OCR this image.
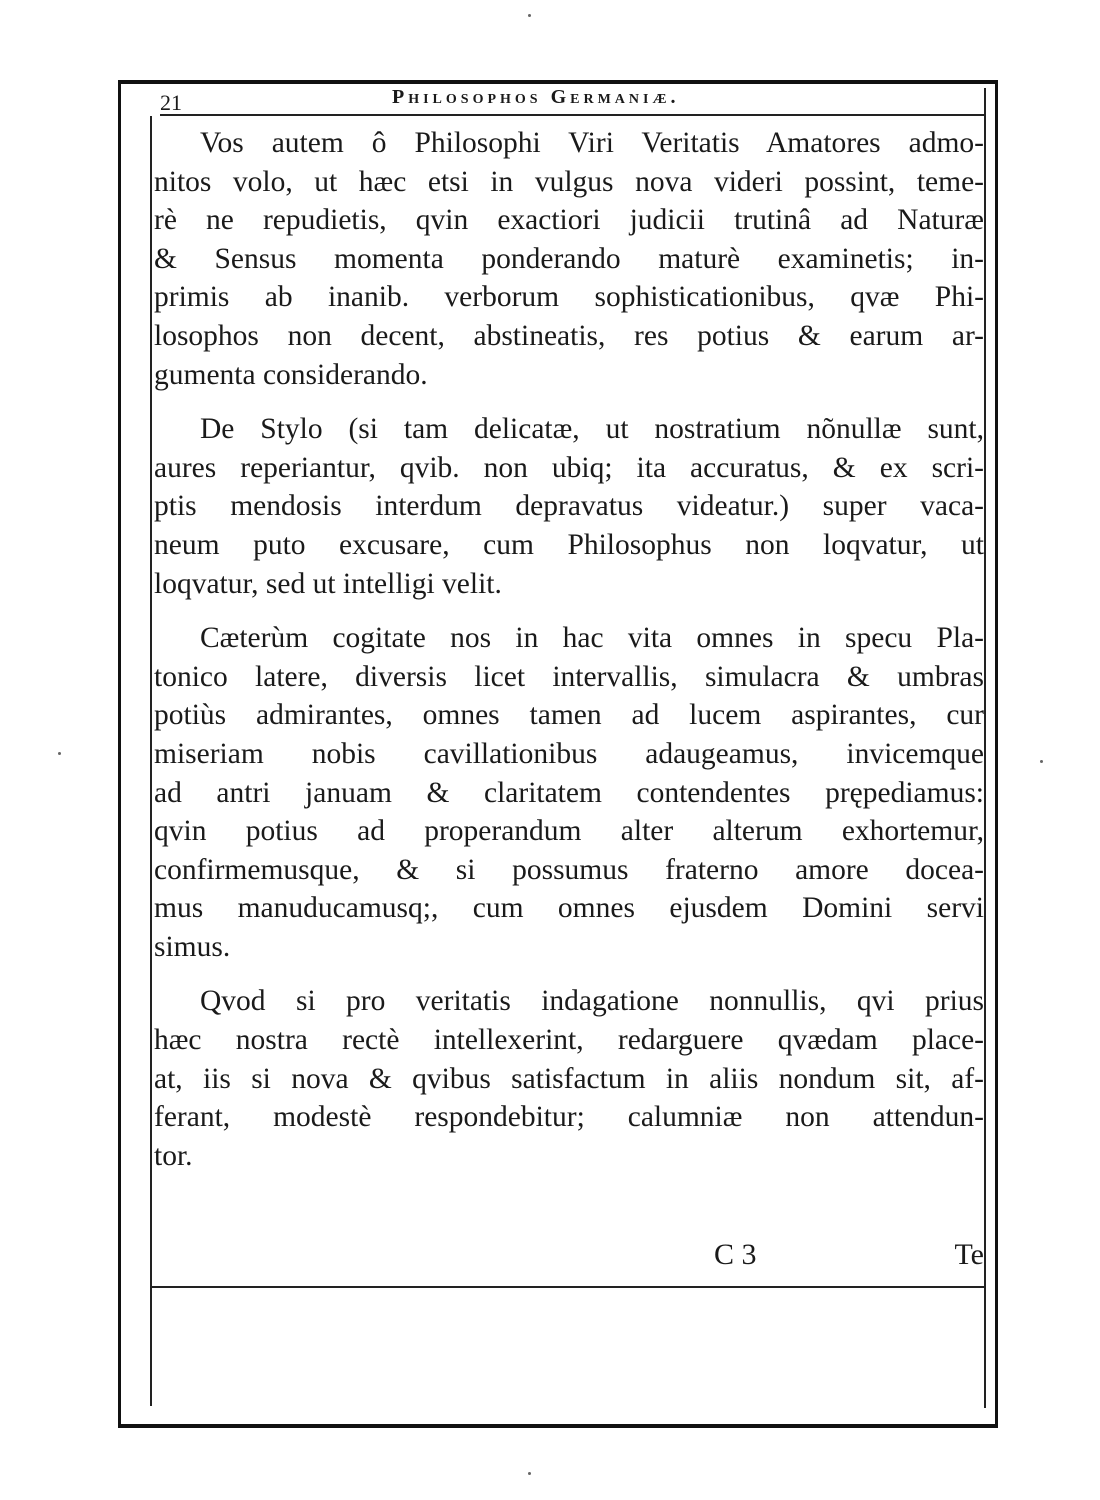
21	Philosophos Germaniæ.
Vos autem ô Philosophi Viri Veritatis Amatores admo-
nitos volo, ut hæc etsi in vulgus nova videri possint, teme-
rè ne repudietis, qvin exactiori judicii trutinâ ad Naturæ
& Sensus momenta ponderando maturè examinetis; in-
primis ab inanib. verborum sophisticationibus, qvæ Phi-
losophos non decent, abstineatis, res potius & earum ar-
gumenta considerando.
De Stylo (si tam delicatæ, ut nostratium nõnullæ sunt,
aures reperiantur, qvib. non ubiq; ita accuratus, & ex scri-
ptis mendosis interdum depravatus videatur.) super vaca-
neum puto excusare, cum Philosophus non loqvatur, ut
loqvatur, sed ut intelligi velit.
Cæterùm cogitate nos in hac vita omnes in specu Pla-
tonico latere, diversis licet intervallis, simulacra & umbras
potiùs admirantes, omnes tamen ad lucem aspirantes, cur
miseriam nobis cavillationibus adaugeamus, invicemque
ad antri januam & claritatem contendentes prępediamus:
qvin potius ad properandum alter alterum exhortemur,
confirmemusque, & si possumus fraterno amore docea-
mus manuducamusq;, cum omnes ejusdem Domini servi
simus.
Qvod si pro veritatis indagatione nonnullis, qvi prius
hæc nostra rectè intellexerint, redarguere qvædam place-
at, iis si nova & qvibus satisfactum in aliis nondum sit, af-
ferant, modestè respondebitur; calumniæ non attendun-
tor.
C 3	Te
